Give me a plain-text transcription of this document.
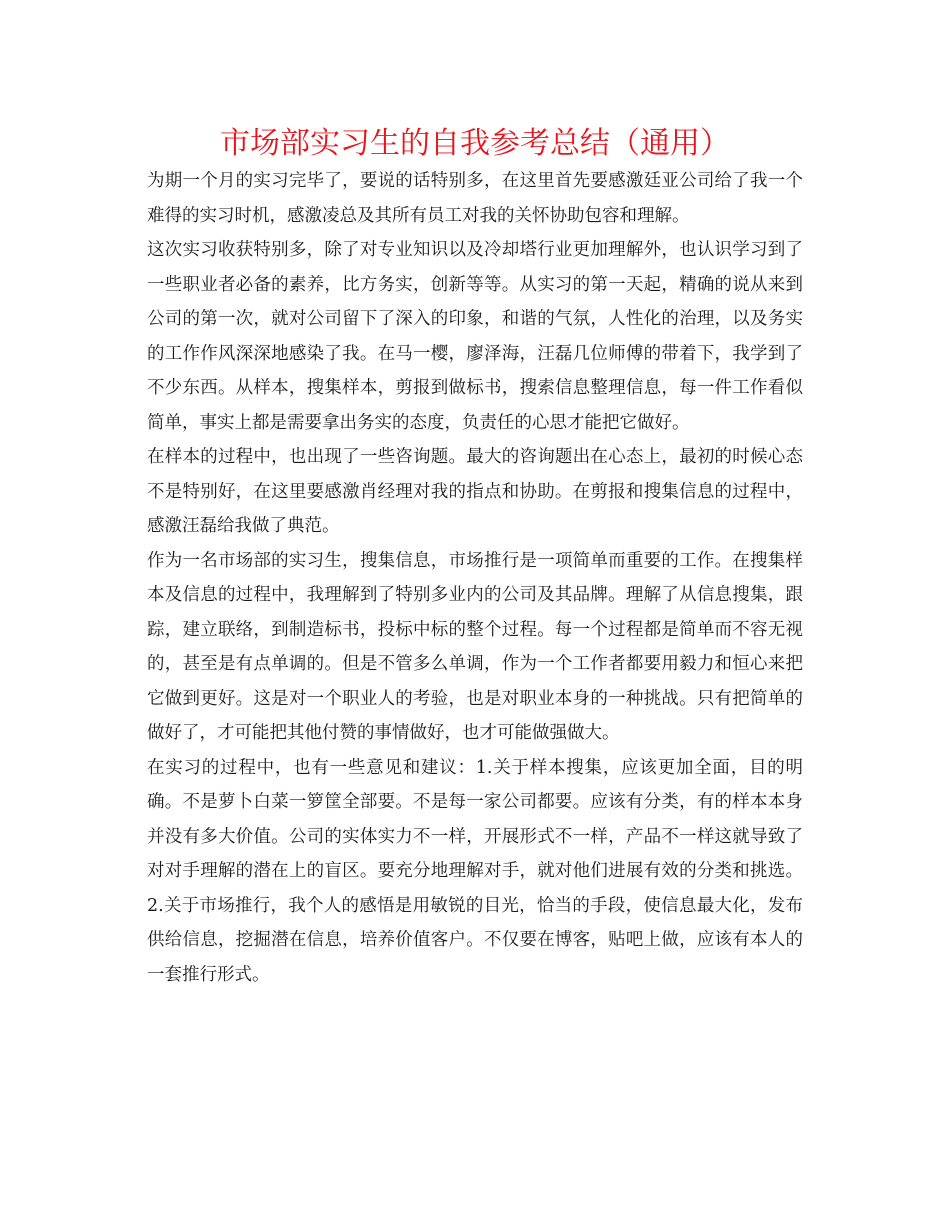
市场部实习生的自我参考总结（通用）

为期一个月的实习完毕了，要说的话特别多，在这里首先要感激廷亚公司给了我一个难得的实习时机，感激凌总及其所有员工对我的关怀协助包容和理解。

这次实习收获特别多，除了对专业知识以及冷却塔行业更加理解外，也认识学习到了一些职业者必备的素养，比方务实，创新等等。从实习的第一天起，精确的说从来到公司的第一次，就对公司留下了深入的印象，和谐的气氛，人性化的治理，以及务实的工作作风深深地感染了我。在马一樱，廖泽海，汪磊几位师傅的带着下，我学到了不少东西。从样本，搜集样本，剪报到做标书，搜索信息整理信息，每一件工作看似简单，事实上都是需要拿出务实的态度，负责任的心思才能把它做好。

在样本的过程中，也出现了一些咨询题。最大的咨询题出在心态上，最初的时候心态不是特别好，在这里要感激肖经理对我的指点和协助。在剪报和搜集信息的过程中，感激汪磊给我做了典范。

作为一名市场部的实习生，搜集信息，市场推行是一项简单而重要的工作。在搜集样本及信息的过程中，我理解到了特别多业内的公司及其品牌。理解了从信息搜集，跟踪，建立联络，到制造标书，投标中标的整个过程。每一个过程都是简单而不容无视的，甚至是有点单调的。但是不管多么单调，作为一个工作者都要用毅力和恒心来把它做到更好。这是对一个职业人的考验，也是对职业本身的一种挑战。只有把简单的做好了，才可能把其他付赞的事情做好，也才可能做强做大。

在实习的过程中，也有一些意见和建议：1.关于样本搜集，应该更加全面，目的明确。不是萝卜白菜一箩筐全部要。不是每一家公司都要。应该有分类，有的样本本身并没有多大价值。公司的实体实力不一样，开展形式不一样，产品不一样这就导致了对对手理解的潜在上的盲区。要充分地理解对手，就对他们进展有效的分类和挑选。2.关于市场推行，我个人的感悟是用敏锐的目光，恰当的手段，使信息最大化，发布供给信息，挖掘潜在信息，培养价值客户。不仅要在博客，贴吧上做，应该有本人的一套推行形式。
